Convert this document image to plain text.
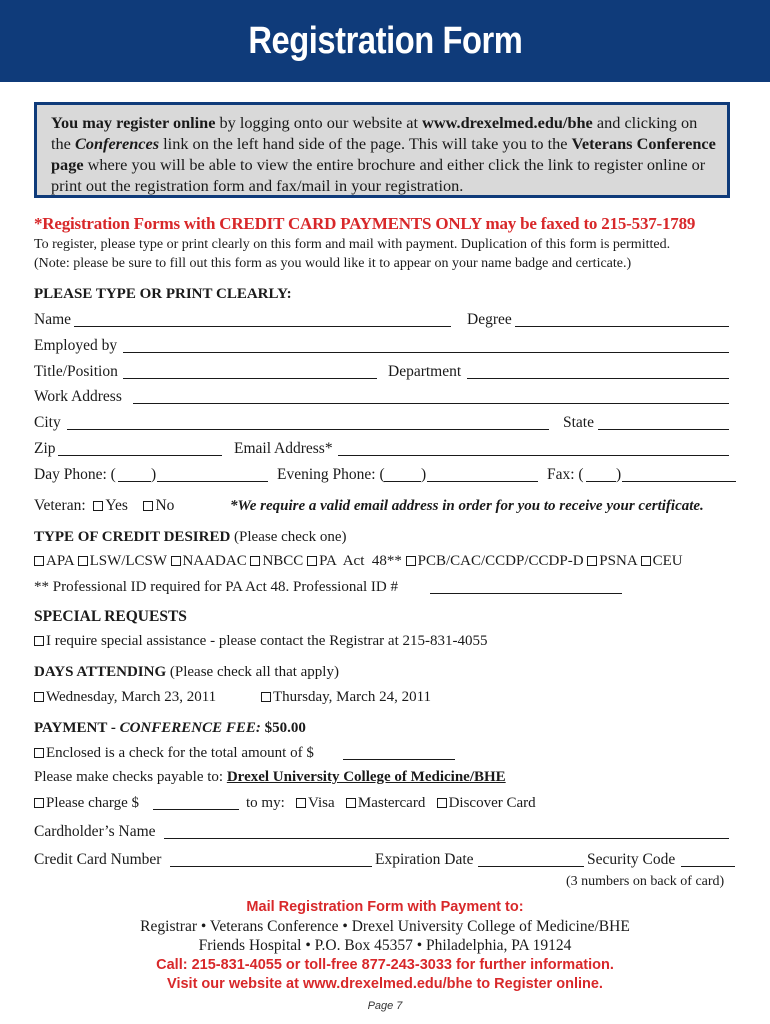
Registration Form
You may register online by logging onto our website at www.drexelmed.edu/bhe and clicking on the Conferences link on the left hand side of the page. This will take you to the Veterans Conference page where you will be able to view the entire brochure and either click the link to register online or print out the registration form and fax/mail in your registration.
*Registration Forms with CREDIT CARD PAYMENTS ONLY may be faxed to 215-537-1789
To register, please type or print clearly on this form and mail with payment. Duplication of this form is permitted.
(Note: please be sure to fill out this form as you would like it to appear on your name badge and certicate.)
PLEASE TYPE OR PRINT CLEARLY:
Name	Degree
Employed by
Title/Position	Department
Work Address
City	State
Zip	Email Address*
Day Phone: ( )	Evening Phone: ( )	Fax: ( )
Veteran: Yes No	*We require a valid email address in order for you to receive your certificate.
TYPE OF CREDIT DESIRED (Please check one)
APA LSW/LCSW NAADAC NBCC PA  Act  48** PCB/CAC/CCDP/CCDP-D PSNA CEU
** Professional ID required for PA Act 48. Professional ID #
SPECIAL REQUESTS
I require special assistance - please contact the Registrar at 215-831-4055
DAYS ATTENDING (Please check all that apply)
Wednesday, March 23, 2011	Thursday, March 24, 2011
PAYMENT - CONFERENCE FEE: $50.00
Enclosed is a check for the total amount of $
Please make checks payable to: Drexel University College of Medicine/BHE
Please charge $	to my: Visa Mastercard Discover Card
Cardholder’s Name
Credit Card Number	Expiration Date	Security Code
(3 numbers on back of card)
Mail Registration Form with Payment to:
Registrar • Veterans Conference • Drexel University College of Medicine/BHE
Friends Hospital • P.O. Box 45357 • Philadelphia, PA 19124
Call: 215-831-4055 or toll-free 877-243-3033 for further information.
Visit our website at www.drexelmed.edu/bhe to Register online.
Page 7
